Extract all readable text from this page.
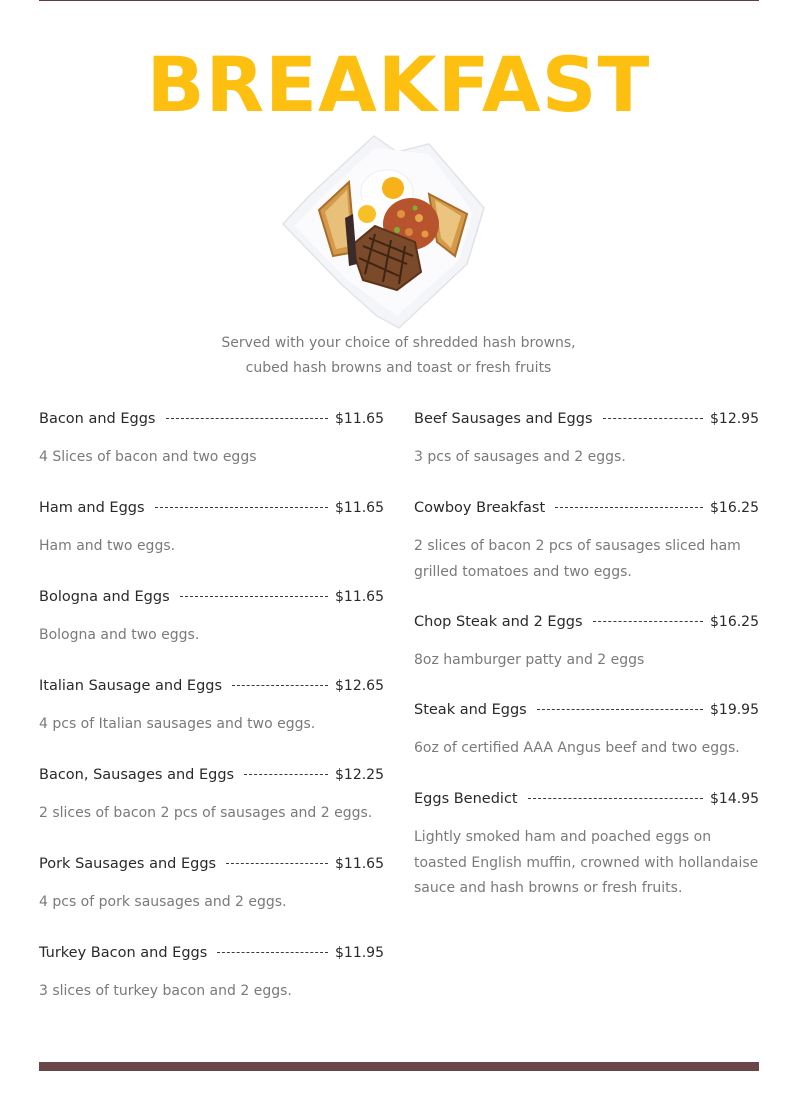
BREAKFAST
Served with your choice of shredded hash browns,
cubed hash browns and toast or fresh fruits
Bacon and Eggs	$11.65
4 Slices of bacon and two eggs
Ham and Eggs	$11.65
Ham and two eggs.
Bologna and Eggs	$11.65
Bologna and two eggs.
Italian Sausage and Eggs	$12.65
4 pcs of Italian sausages and two eggs.
Bacon, Sausages and Eggs	$12.25
2 slices of bacon 2 pcs of sausages and 2 eggs.
Pork Sausages and Eggs	$11.65
4 pcs of pork sausages and 2 eggs.
Turkey Bacon and Eggs	$11.95
3 slices of turkey bacon and 2 eggs.
Beef Sausages and Eggs	$12.95
3 pcs of sausages and 2 eggs.
Cowboy Breakfast	$16.25
2 slices of bacon 2 pcs of sausages sliced ham grilled tomatoes and two eggs.
Chop Steak and 2 Eggs	$16.25
8oz hamburger patty and 2 eggs
Steak and Eggs	$19.95
6oz of certified AAA Angus beef and two eggs.
Eggs Benedict	$14.95
Lightly smoked ham and poached eggs on toasted English muffin, crowned with hollandaise sauce and hash browns or fresh fruits.
